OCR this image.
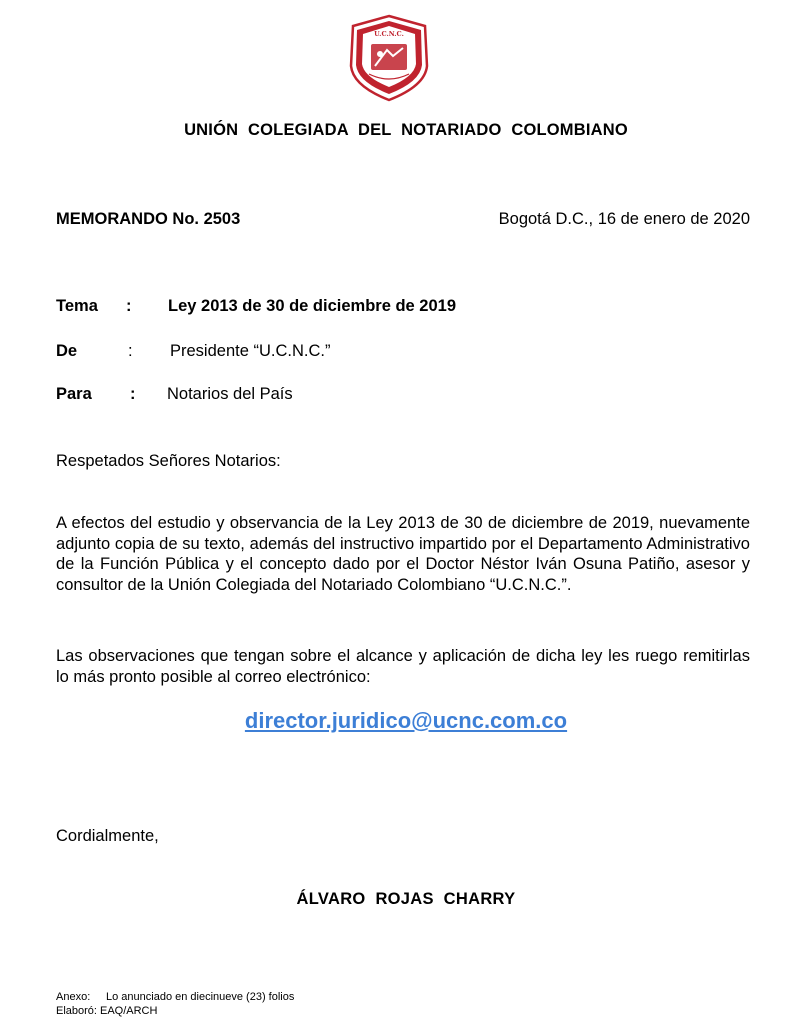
U.C.N.C.
UNIÓN COLEGIADA DEL NOTARIADO COLOMBIANO
MEMORANDO No. 2503	Bogotá D.C., 16 de enero de 2020
Tema : Ley 2013 de 30 de diciembre de 2019
De	: Presidente “U.C.N.C.”
Para : Notarios del País
Respetados Señores Notarios:
A efectos del estudio y observancia de la Ley 2013 de 30 de diciembre de 2019, nuevamente adjunto copia de su texto, además del instructivo impartido por el Departamento Administrativo de la Función Pública y el concepto dado por el Doctor Néstor Iván Osuna Patiño, asesor y consultor de la Unión Colegiada del Notariado Colombiano “U.C.N.C.”.
Las observaciones que tengan sobre el alcance y aplicación de dicha ley les ruego remitirlas lo más pronto posible al correo electrónico:
director.juridico@ucnc.com.co
Cordialmente,
ÁLVARO ROJAS CHARRY
Anexo: Lo anunciado en diecinueve (23) folios
Elaboró: EAQ/ARCH
